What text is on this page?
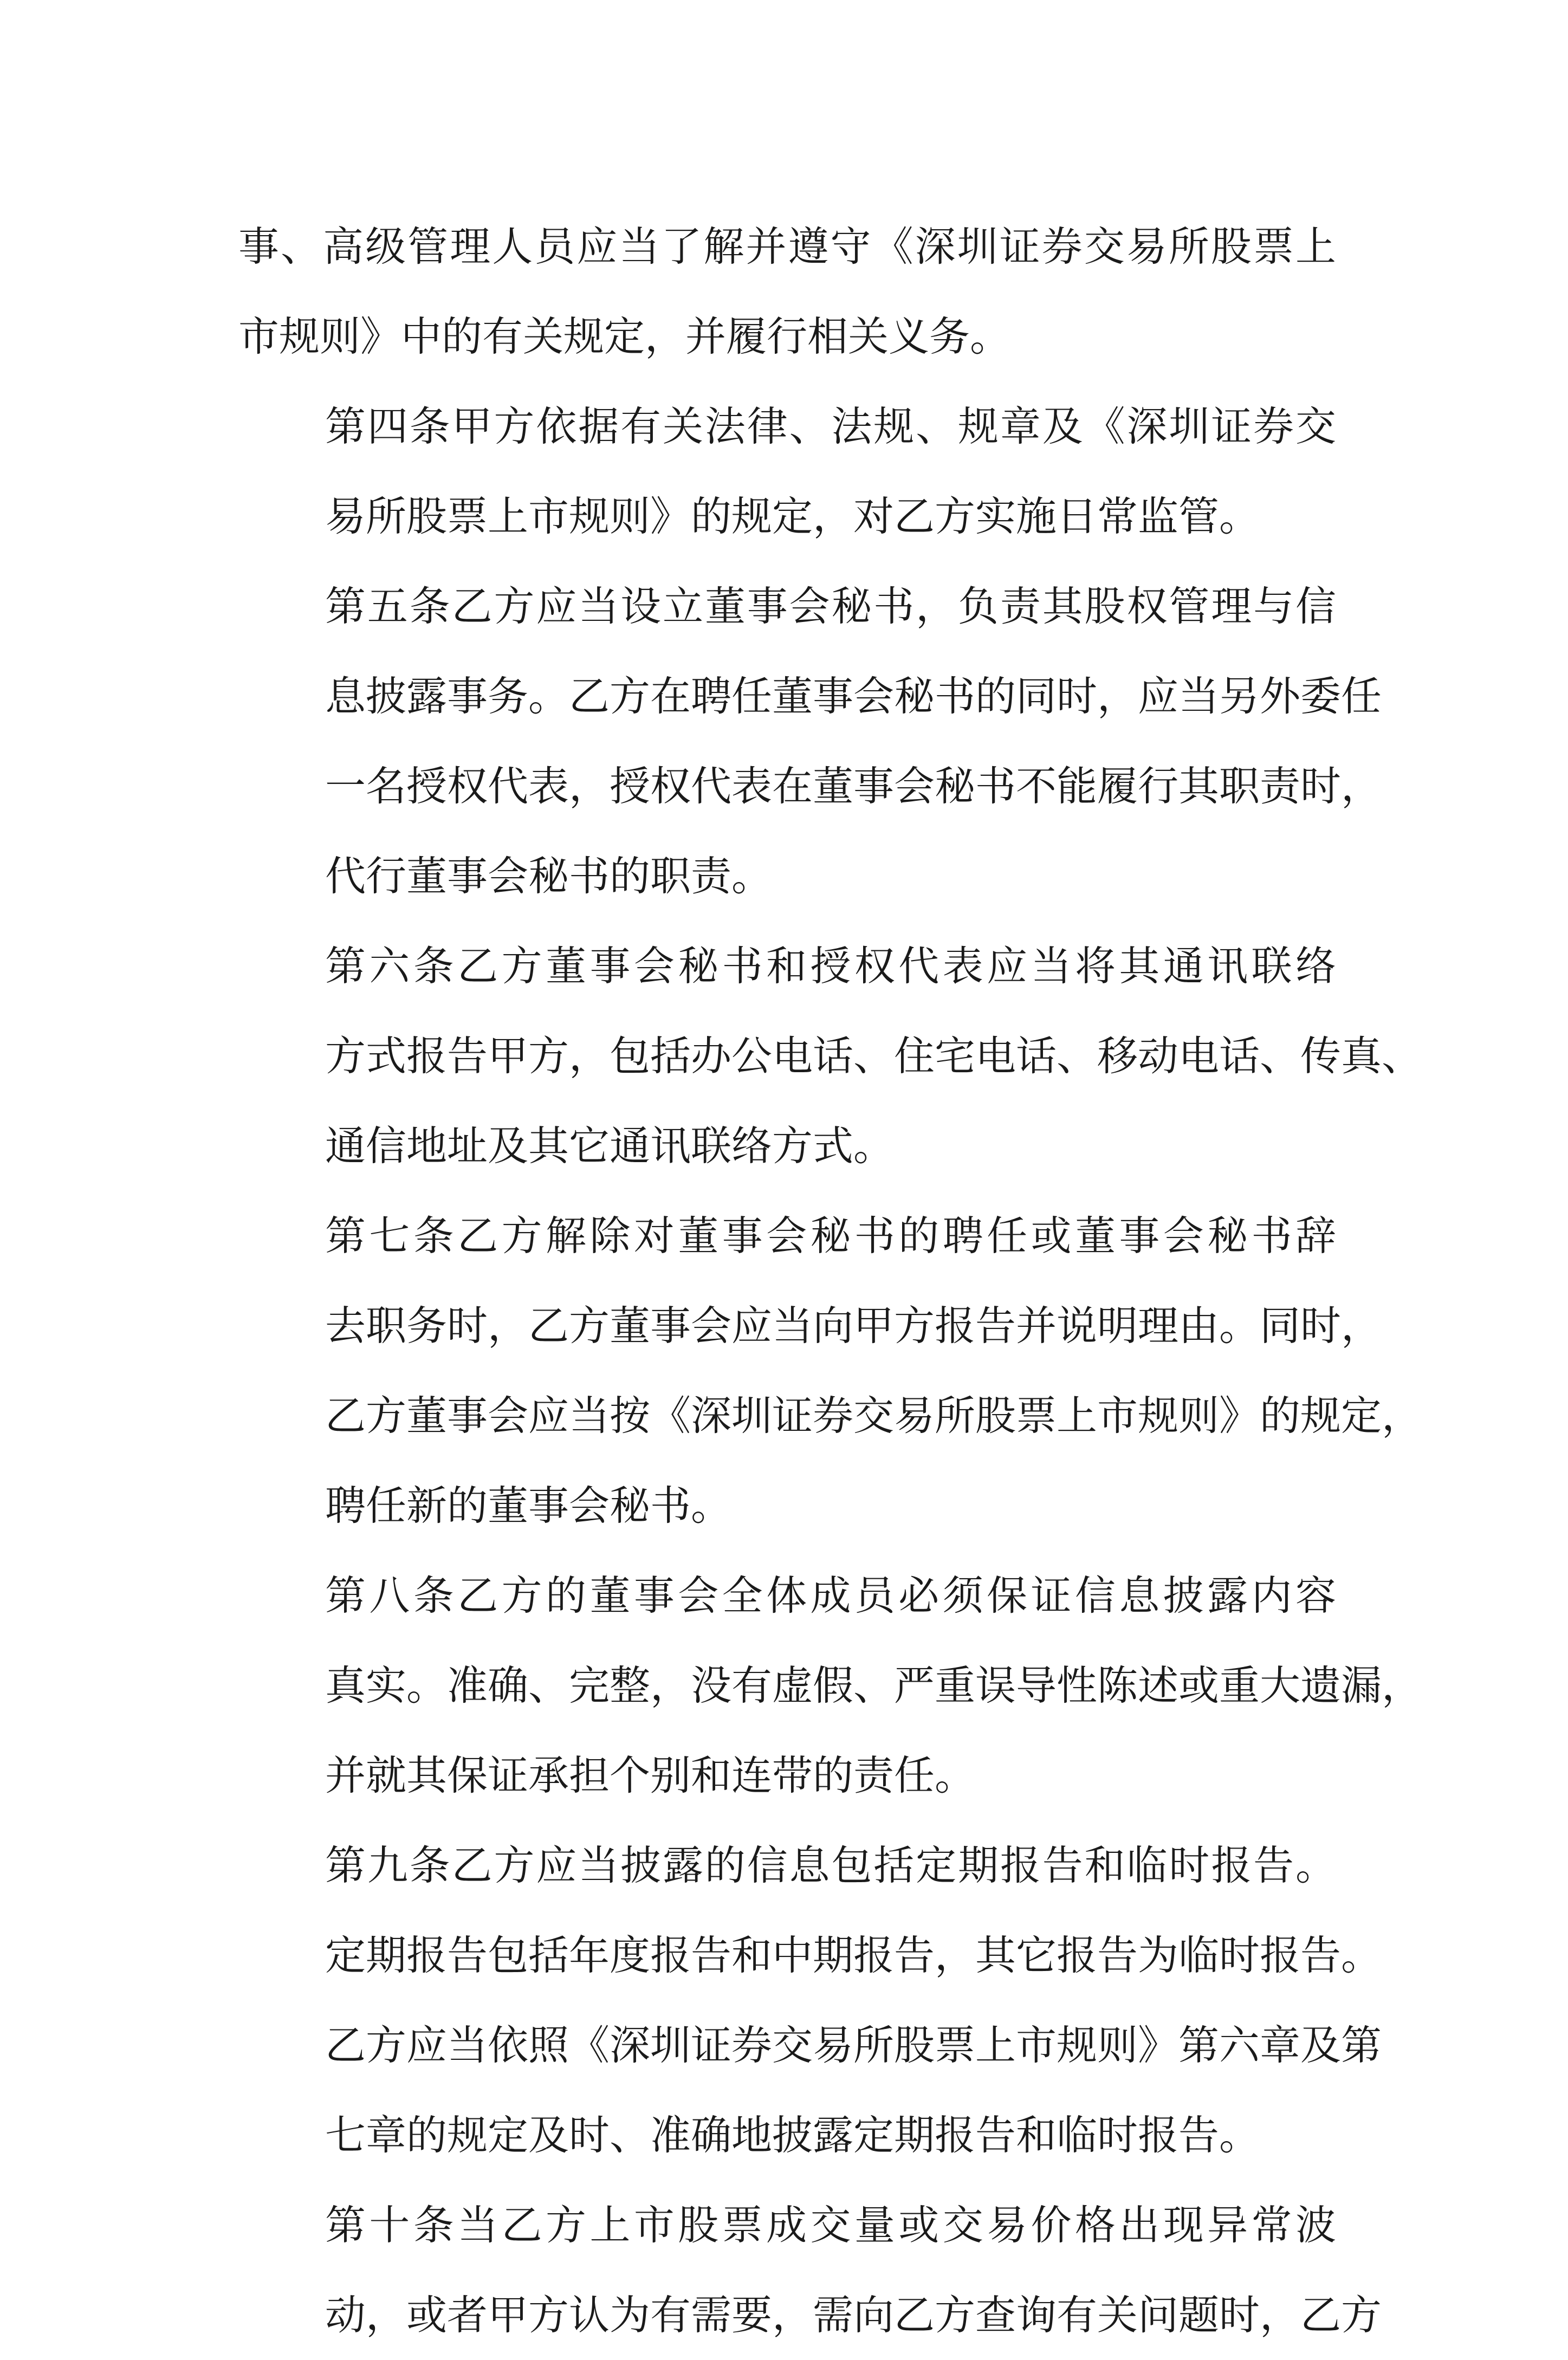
事、高级管理人员应当了解并遵守《深圳证券交易所股票上
市规则》中的有关规定，并履行相关义务。

第四条甲方依据有关法律、法规、规章及《深圳证券交
易所股票上市规则》的规定，对乙方实施日常监管。

第五条乙方应当设立董事会秘书，负责其股权管理与信
息披露事务。乙方在聘任董事会秘书的同时，应当另外委任
一名授权代表，授权代表在董事会秘书不能履行其职责时，
代行董事会秘书的职责。

第六条乙方董事会秘书和授权代表应当将其通讯联络
方式报告甲方，包括办公电话、住宅电话、移动电话、传真、
通信地址及其它通讯联络方式。

第七条乙方解除对董事会秘书的聘任或董事会秘书辞
去职务时，乙方董事会应当向甲方报告并说明理由。同时，
乙方董事会应当按《深圳证券交易所股票上市规则》的规定，
聘任新的董事会秘书。

第八条乙方的董事会全体成员必须保证信息披露内容
真实。准确、完整，没有虚假、严重误导性陈述或重大遗漏，
并就其保证承担个别和连带的责任。

第九条乙方应当披露的信息包括定期报告和临时报告。
定期报告包括年度报告和中期报告，其它报告为临时报告。
乙方应当依照《深圳证券交易所股票上市规则》第六章及第
七章的规定及时、准确地披露定期报告和临时报告。

第十条当乙方上市股票成交量或交易价格出现异常波
动，或者甲方认为有需要，需向乙方查询有关问题时，乙方
